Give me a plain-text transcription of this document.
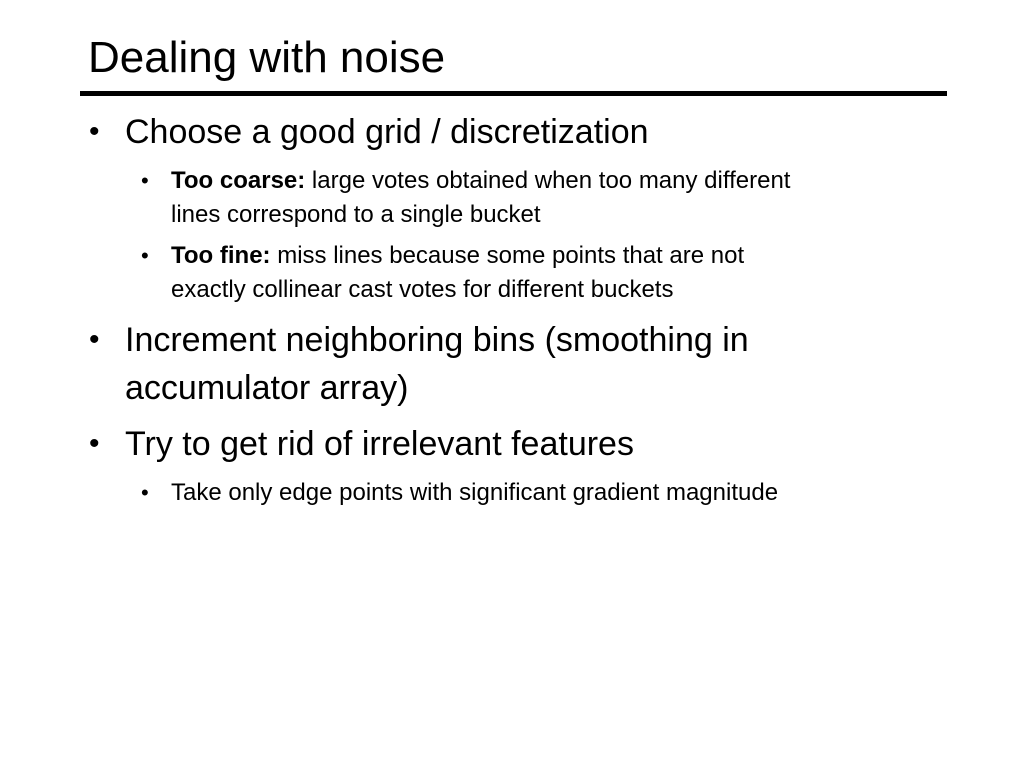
Dealing with noise
• Choose a good grid / discretization
• Too coarse: large votes obtained when too many different
lines correspond to a single bucket
• Too fine: miss lines because some points that are not
exactly collinear cast votes for different buckets
• Increment neighboring bins (smoothing in
accumulator array)
• Try to get rid of irrelevant features
• Take only edge points with significant gradient magnitude
